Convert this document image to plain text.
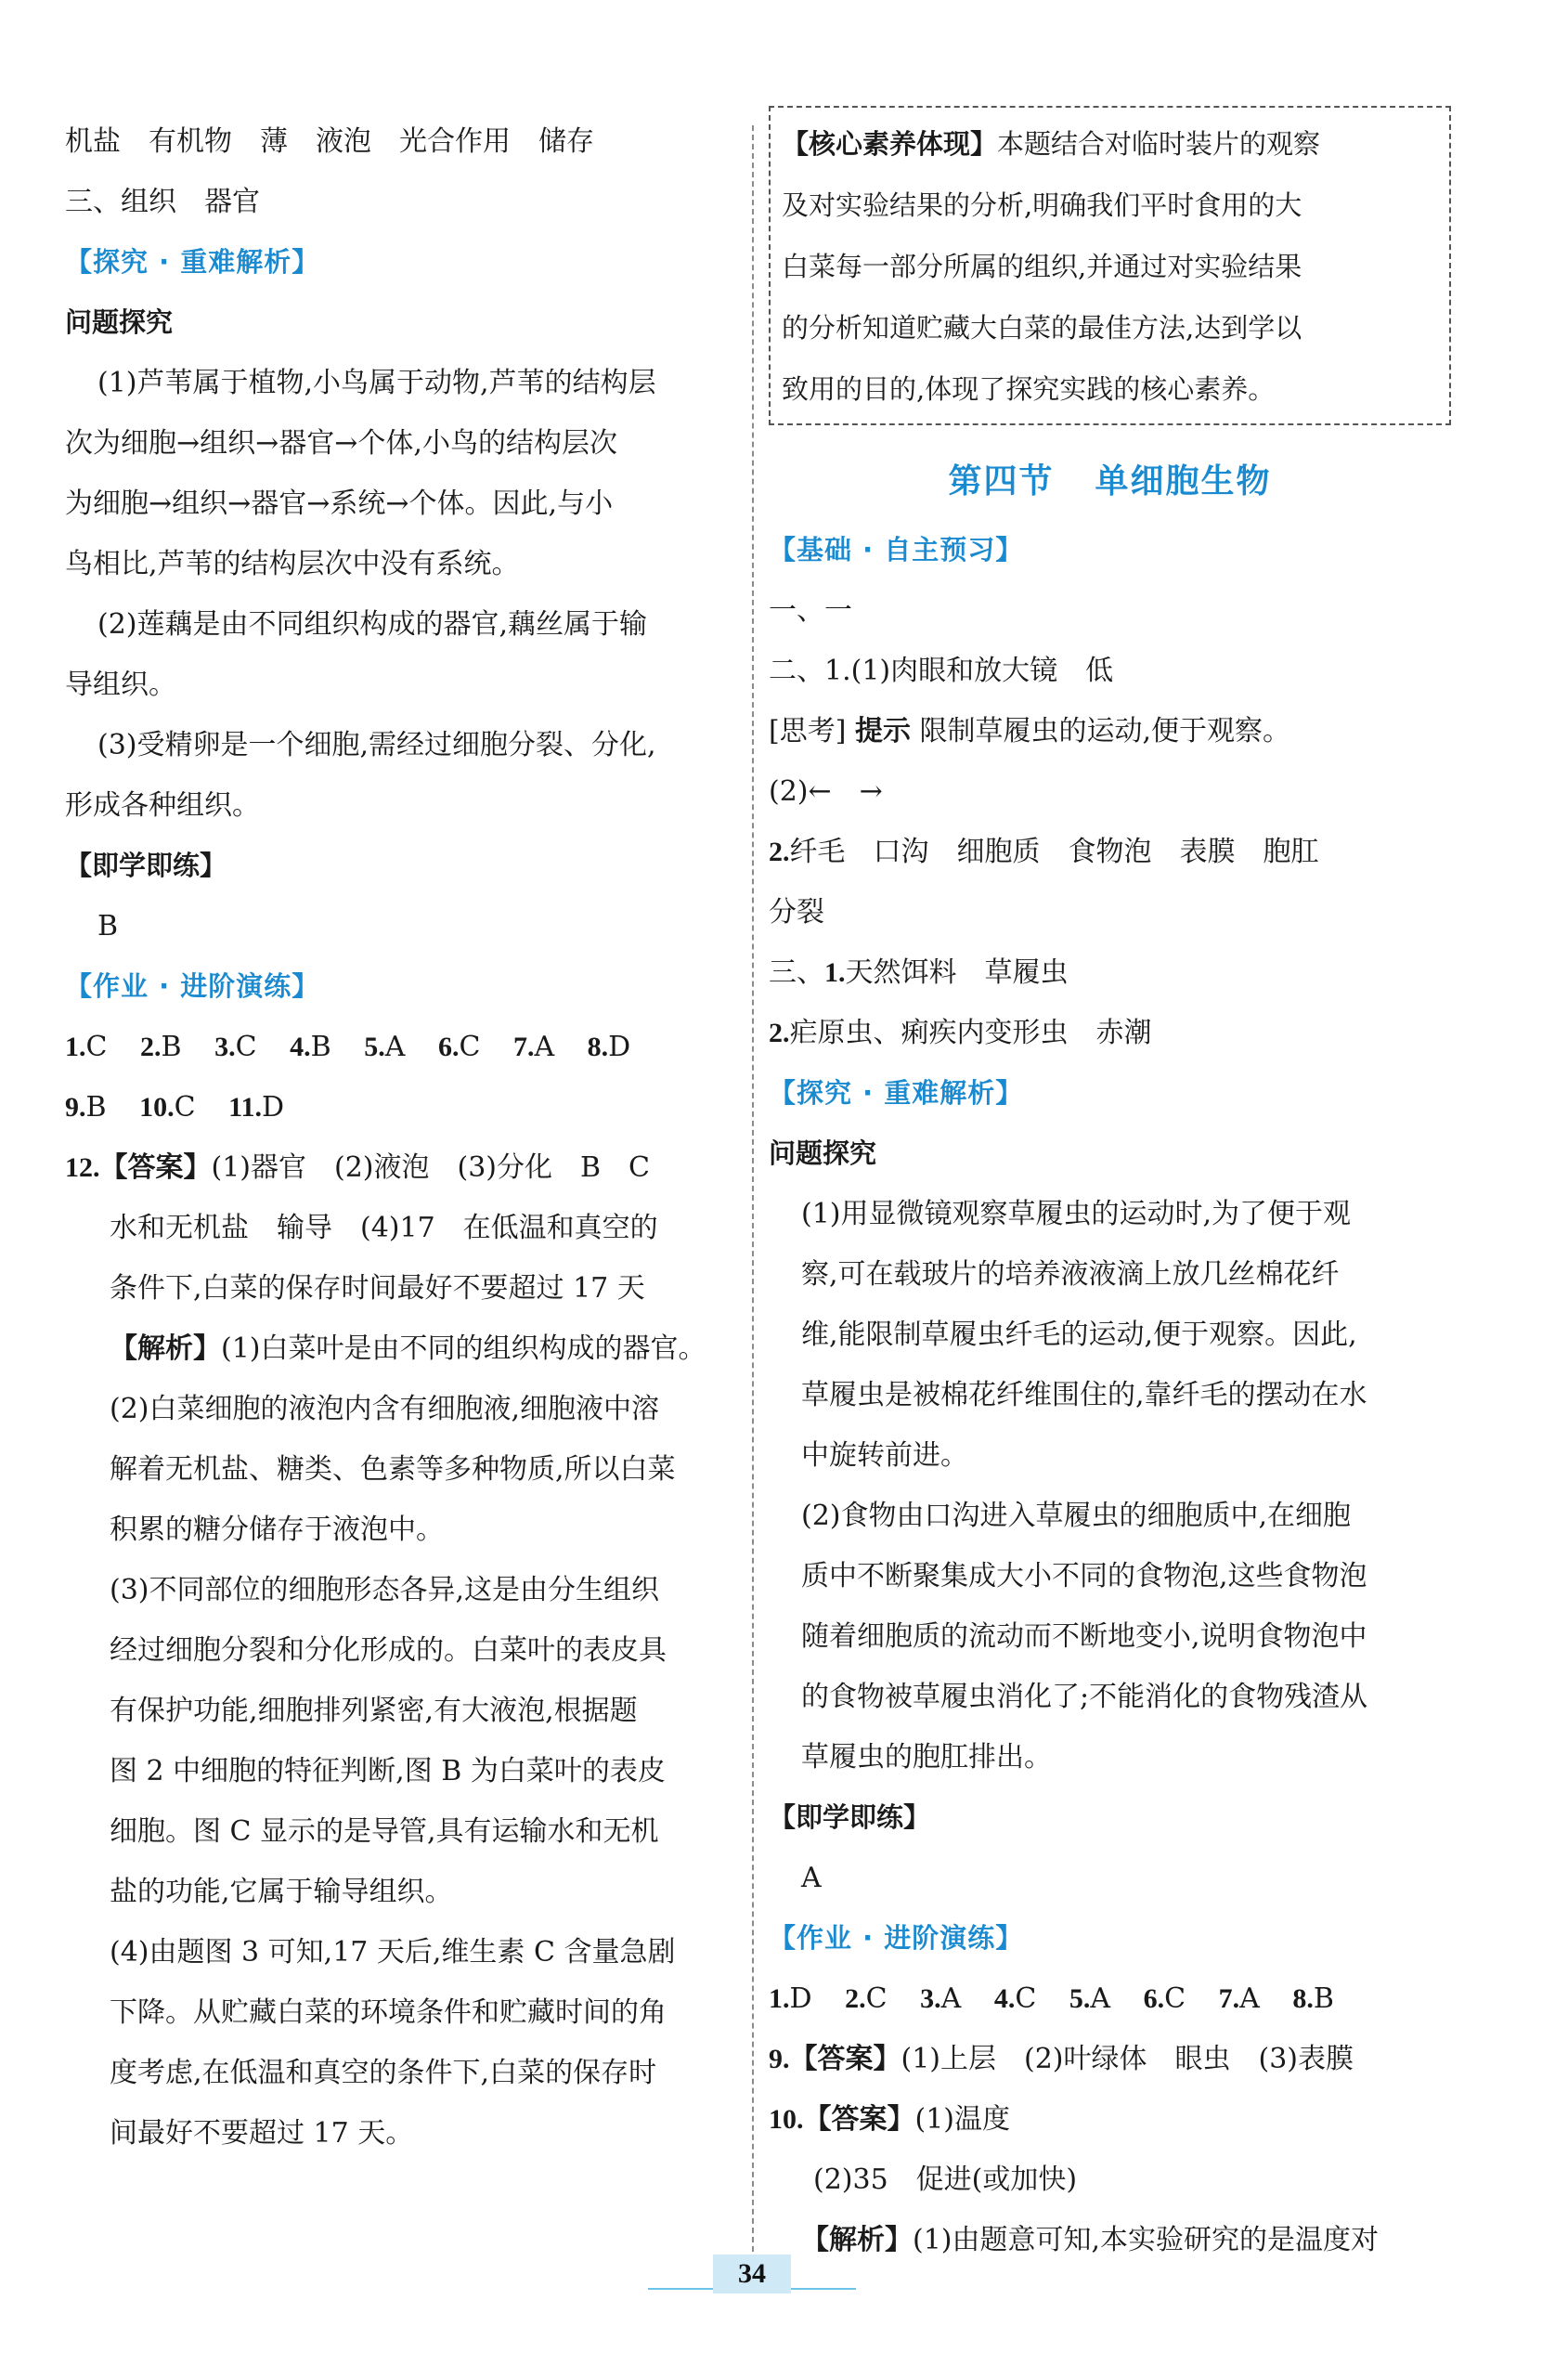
机盐　有机物　薄　液泡　光合作用　储存

三、组织　器官

【探究 · 重难解析】

问题探究

(1)芦苇属于植物,小鸟属于动物,芦苇的结构层

次为细胞→组织→器官→个体,小鸟的结构层次

为细胞→组织→器官→系统→个体。因此,与小

鸟相比,芦苇的结构层次中没有系统。

(2)莲藕是由不同组织构成的器官,藕丝属于输

导组织。

(3)受精卵是一个细胞,需经过细胞分裂、分化,

形成各种组织。

【即学即练】

B

【作业 · 进阶演练】

1.C 2.B 3.C 4.B 5.A 6.C 7.A 8.D

9.B 10.C 11.D

12.【答案】(1)器官　(2)液泡　(3)分化　B　C

水和无机盐　输导　(4)17　在低温和真空的

条件下,白菜的保存时间最好不要超过 17 天

【解析】(1)白菜叶是由不同的组织构成的器官。

(2)白菜细胞的液泡内含有细胞液,细胞液中溶

解着无机盐、糖类、色素等多种物质,所以白菜

积累的糖分储存于液泡中。

(3)不同部位的细胞形态各异,这是由分生组织

经过细胞分裂和分化形成的。白菜叶的表皮具

有保护功能,细胞排列紧密,有大液泡,根据题

图 2 中细胞的特征判断,图 B 为白菜叶的表皮

细胞。图 C 显示的是导管,具有运输水和无机

盐的功能,它属于输导组织。

(4)由题图 3 可知,17 天后,维生素 C 含量急剧

下降。从贮藏白菜的环境条件和贮藏时间的角

度考虑,在低温和真空的条件下,白菜的保存时

间最好不要超过 17 天。

【核心素养体现】本题结合对临时装片的观察

及对实验结果的分析,明确我们平时食用的大

白菜每一部分所属的组织,并通过对实验结果

的分析知道贮藏大白菜的最佳方法,达到学以

致用的目的,体现了探究实践的核心素养。

第四节 单细胞生物

【基础 · 自主预习】

一、一

二、1.(1)肉眼和放大镜　低

[思考] 提示 限制草履虫的运动,便于观察。

(2)←　→

2.纤毛　口沟　细胞质　食物泡　表膜　胞肛

分裂

三、1.天然饵料　草履虫

2.疟原虫、痢疾内变形虫　赤潮

【探究 · 重难解析】

问题探究

(1)用显微镜观察草履虫的运动时,为了便于观

察,可在载玻片的培养液液滴上放几丝棉花纤

维,能限制草履虫纤毛的运动,便于观察。因此,

草履虫是被棉花纤维围住的,靠纤毛的摆动在水

中旋转前进。

(2)食物由口沟进入草履虫的细胞质中,在细胞

质中不断聚集成大小不同的食物泡,这些食物泡

随着细胞质的流动而不断地变小,说明食物泡中

的食物被草履虫消化了;不能消化的食物残渣从

草履虫的胞肛排出。

【即学即练】

A

【作业 · 进阶演练】

1.D 2.C 3.A 4.C 5.A 6.C 7.A 8.B

9.【答案】(1)上层　(2)叶绿体　眼虫　(3)表膜

10.【答案】(1)温度

(2)35　促进(或加快)

【解析】(1)由题意可知,本实验研究的是温度对

34
